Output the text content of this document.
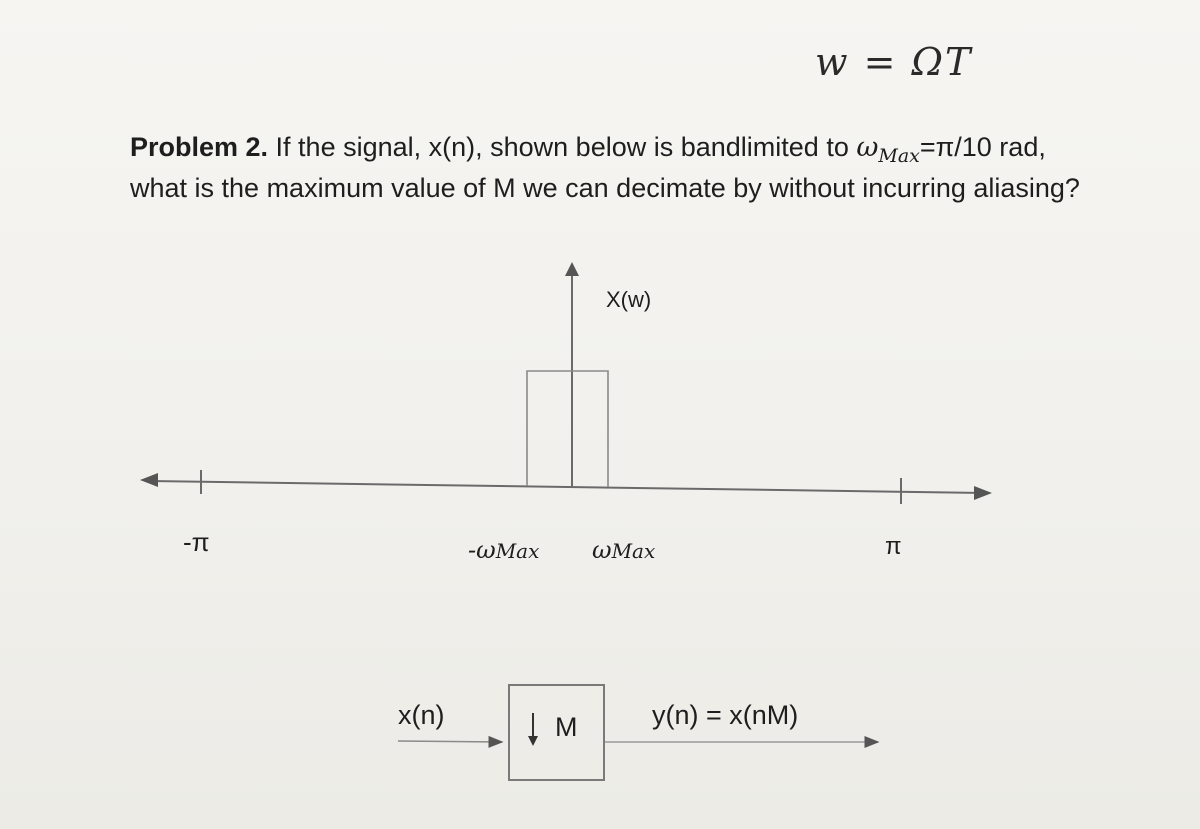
w = ΩT
Problem 2. If the signal, x(n), shown below is bandlimited to $\omega_{Max}=\pi/10$ rad,
what is the maximum value of M we can decimate by without incurring aliasing?
X(w)
-π	-ωMax ωMax	π
x(n)	M	y(n) = x(nM)
